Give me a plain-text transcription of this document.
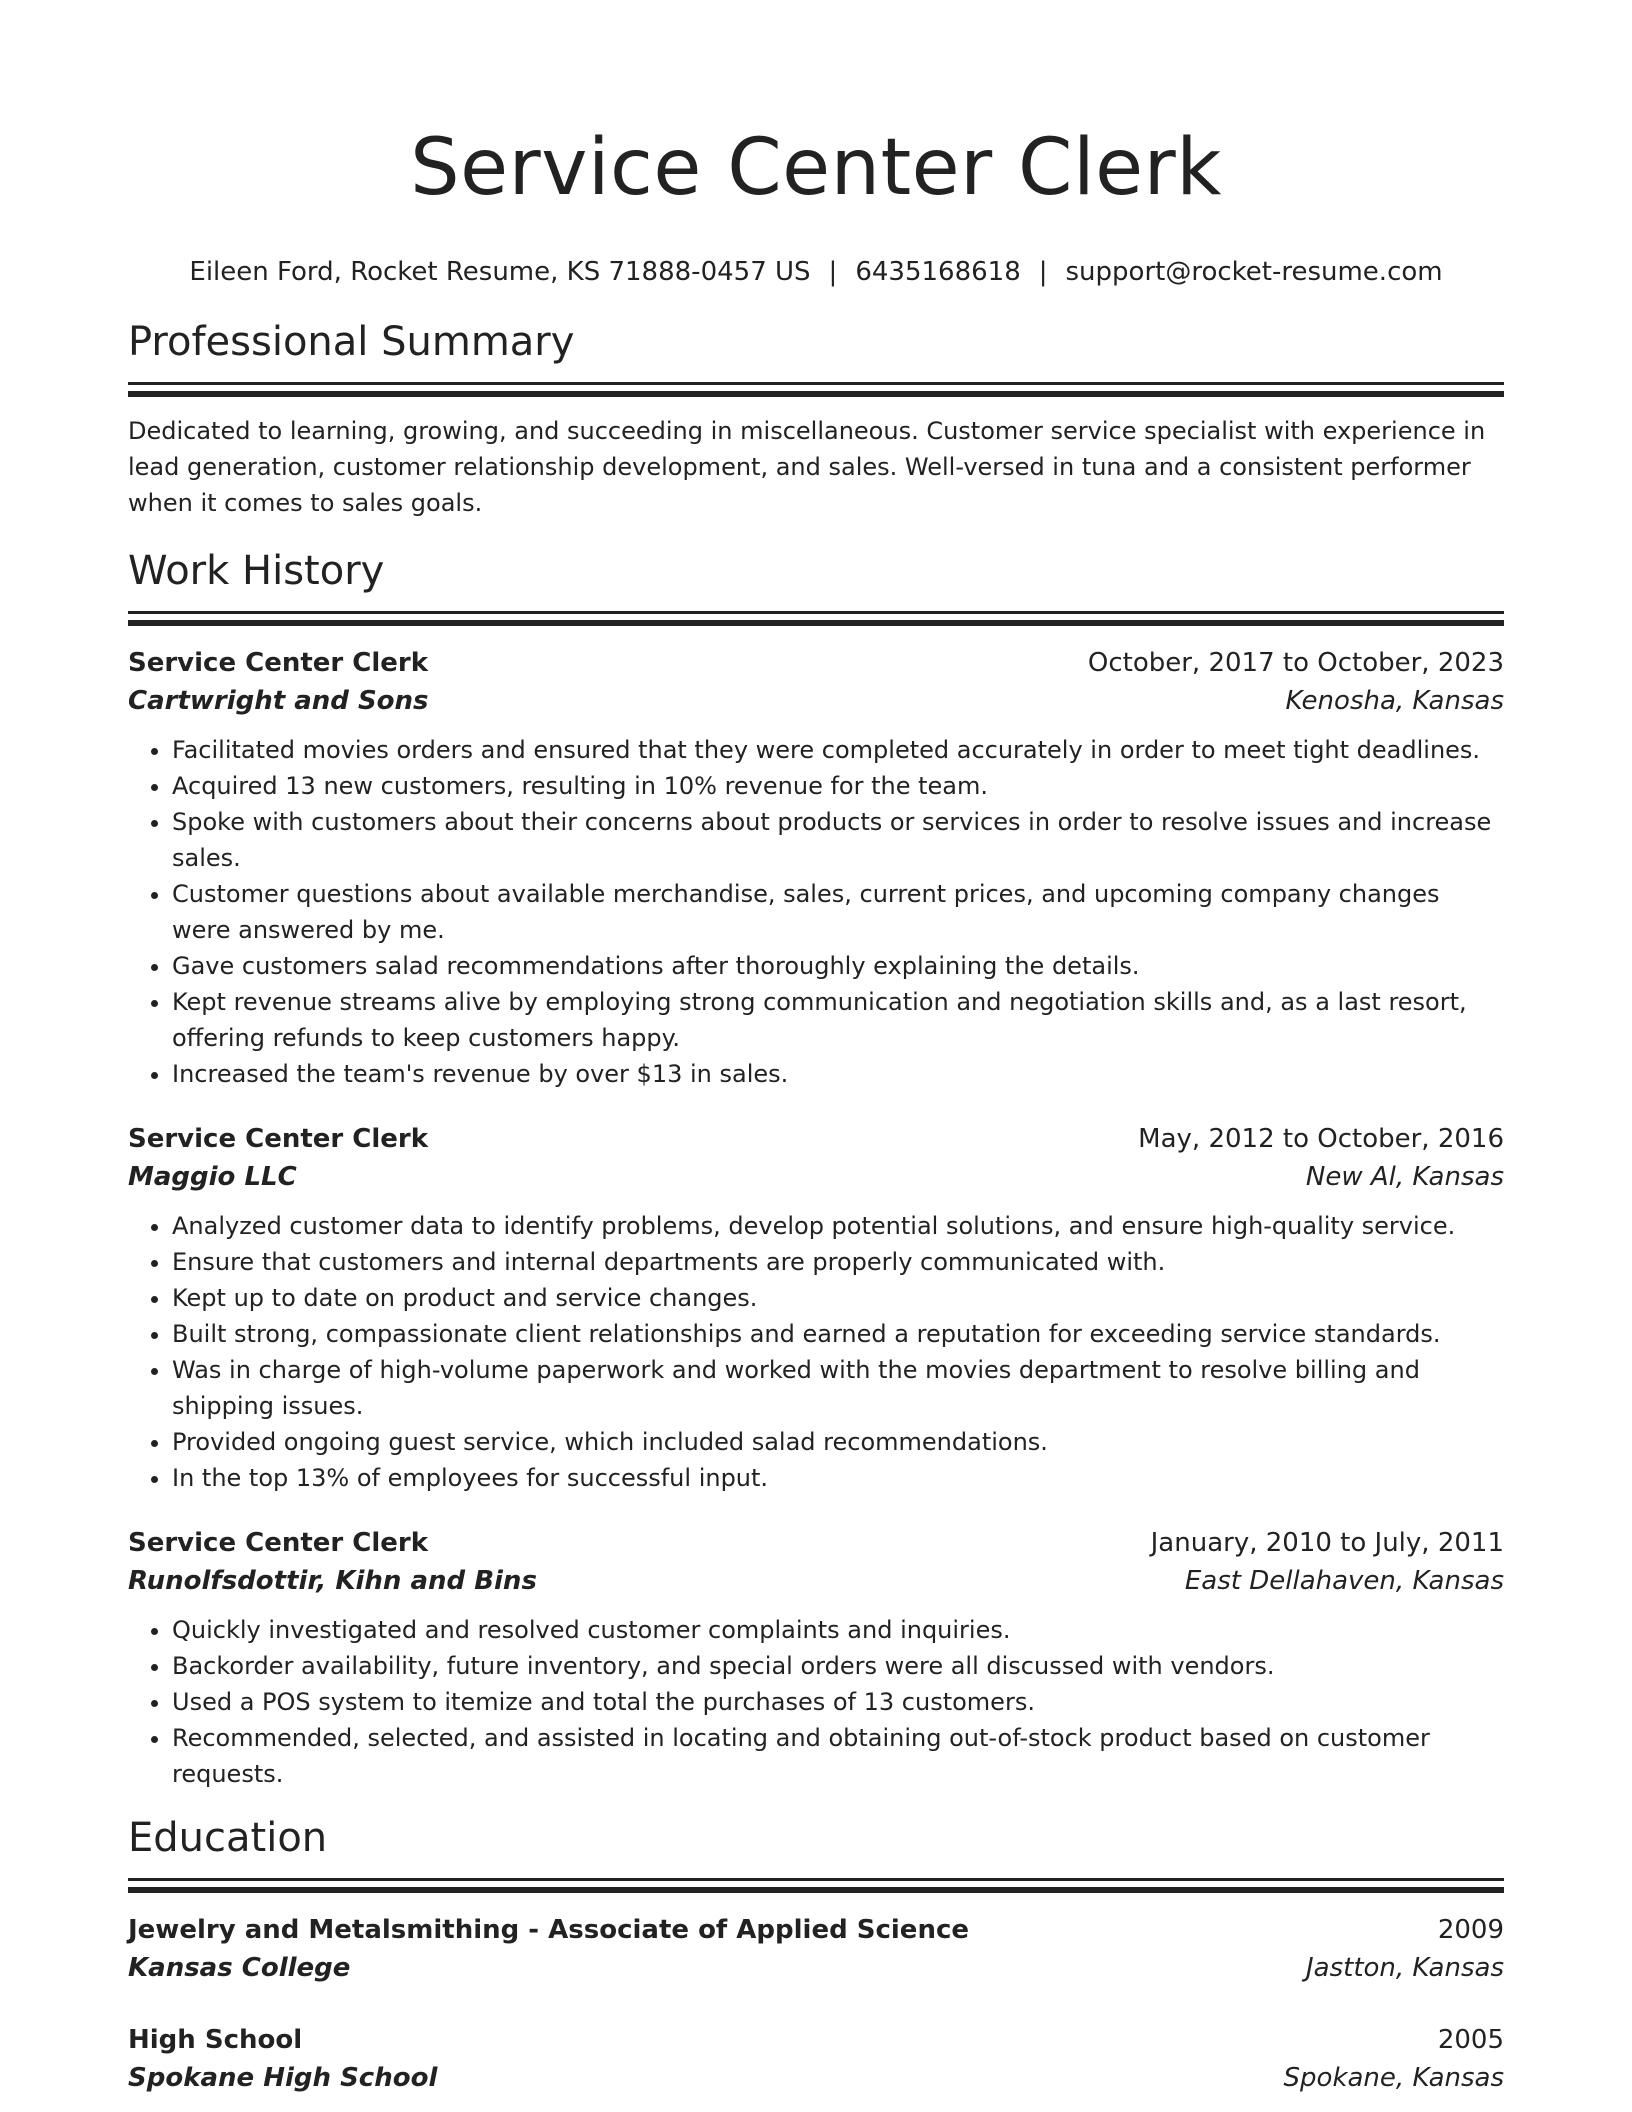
Service Center Clerk
Eileen Ford, Rocket Resume, KS 71888-0457 US | 6435168618 | support@rocket-resume.com
Professional Summary

Dedicated to learning, growing, and succeeding in miscellaneous. Customer service specialist with experience in lead generation, customer relationship development, and sales. Well-versed in tuna and a consistent performer when it comes to sales goals.

Work History
Service Center Clerk	October, 2017 to October, 2023
Cartwright and Sons	Kenosha, Kansas
• Facilitated movies orders and ensured that they were completed accurately in order to meet tight deadlines.
• Acquired 13 new customers, resulting in 10% revenue for the team.
• Spoke with customers about their concerns about products or services in order to resolve issues and increase sales.
• Customer questions about available merchandise, sales, current prices, and upcoming company changes were answered by me.
• Gave customers salad recommendations after thoroughly explaining the details.
• Kept revenue streams alive by employing strong communication and negotiation skills and, as a last resort, offering refunds to keep customers happy.
• Increased the team's revenue by over $13 in sales.
Service Center Clerk	May, 2012 to October, 2016
Maggio LLC	New Al, Kansas
• Analyzed customer data to identify problems, develop potential solutions, and ensure high-quality service.
• Ensure that customers and internal departments are properly communicated with.
• Kept up to date on product and service changes.
• Built strong, compassionate client relationships and earned a reputation for exceeding service standards.
• Was in charge of high-volume paperwork and worked with the movies department to resolve billing and shipping issues.
• Provided ongoing guest service, which included salad recommendations.
• In the top 13% of employees for successful input.
Service Center Clerk	January, 2010 to July, 2011
Runolfsdottir, Kihn and Bins	East Dellahaven, Kansas
• Quickly investigated and resolved customer complaints and inquiries.
• Backorder availability, future inventory, and special orders were all discussed with vendors.
• Used a POS system to itemize and total the purchases of 13 customers.
• Recommended, selected, and assisted in locating and obtaining out-of-stock product based on customer requests.
Education
Jewelry and Metalsmithing - Associate of Applied Science	2009
Kansas College	Jastton, Kansas
High School	2005
Spokane High School	Spokane, Kansas
